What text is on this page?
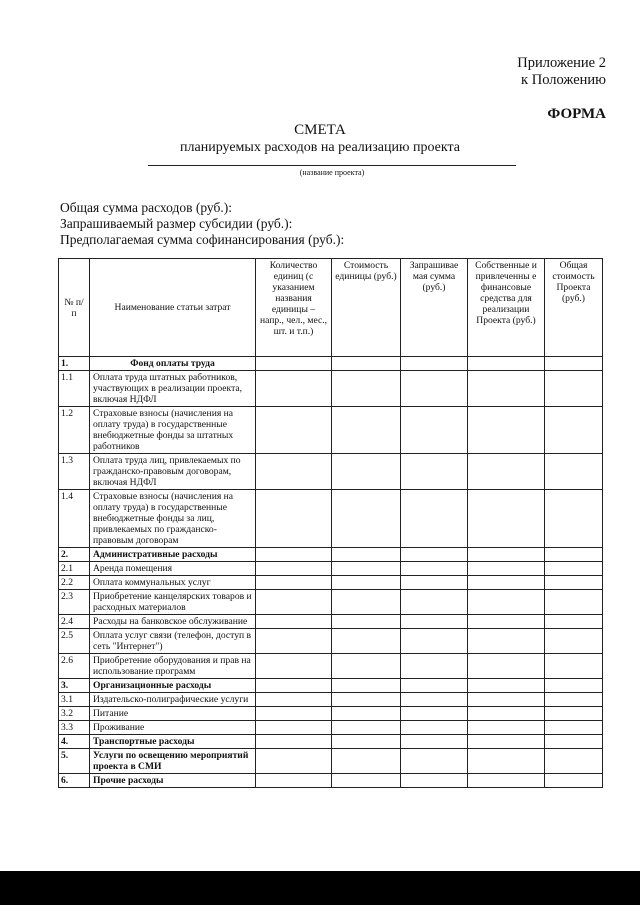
Приложение 2
к Положению
ФОРМА
СМЕТА
планируемых расходов на реализацию проекта
(название проекта)
Общая сумма расходов (руб.):
Запрашиваемый размер субсидии (руб.):
Предполагаемая сумма софинансирования (руб.):
№ п/п	Наименование статьи затрат	Количество единиц (с указанием названия единицы – напр., чел., мес., шт. и т.п.)	Стоимость единицы (руб.)	Запрашивае мая сумма (руб.)	Собственные и привлеченны е финансовые средства для реализации Проекта (руб.)	Общая стоимость Проекта (руб.)
1.	Фонд оплаты труда					
1.1	Оплата труда штатных работников, участвующих в реализации проекта, включая НДФЛ					
1.2	Страховые взносы (начисления на оплату труда) в государственные внебюджетные фонды за штатных работников					
1.3	Оплата труда лиц, привлекаемых по гражданско-правовым договорам, включая НДФЛ					
1.4	Страховые взносы (начисления на оплату труда) в государственные внебюджетные фонды за лиц, привлекаемых по гражданско-правовым договорам					
2.	Административные расходы					
2.1	Аренда помещения					
2.2	Оплата коммунальных услуг					
2.3	Приобретение канцелярских товаров и расходных материалов					
2.4	Расходы на банковское обслуживание					
2.5	Оплата услуг связи (телефон, доступ в сеть "Интернет")					
2.6	Приобретение оборудования и прав на использование программ					
3.	Организационные расходы					
3.1	Издательско-полиграфические услуги					
3.2	Питание					
3.3	Проживание					
4.	Транспортные расходы					
5.	Услуги по освещению мероприятий проекта в СМИ					
6.	Прочие расходы					
